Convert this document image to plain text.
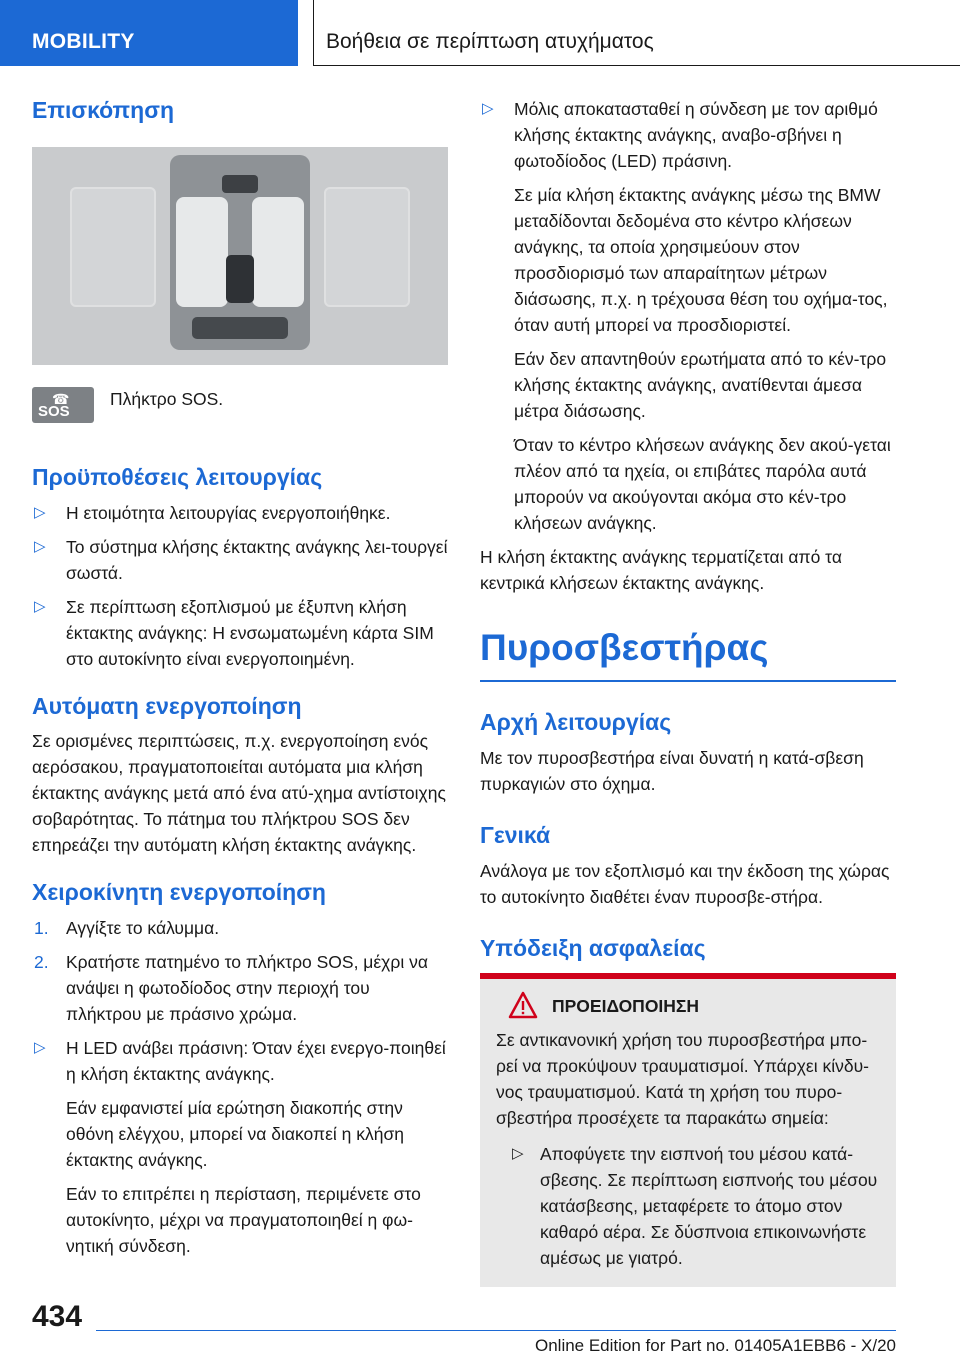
MOBILITY	Βοήθεια σε περίπτωση ατυχήματος
Επισκόπηση
☎
SOS
Πλήκτρο SOS.
Προϋποθέσεις λειτουργίας
▷ Η ετοιμότητα λειτουργίας ενεργοποιήθηκε.
▷ Το σύστημα κλήσης έκτακτης ανάγκης λει‐τουργεί σωστά.
▷ Σε περίπτωση εξοπλισμού με έξυπνη κλήση έκτακτης ανάγκης: Η ενσωματωμένη κάρτα SIM στο αυτοκίνητο είναι ενεργοποιημένη.
Αυτόματη ενεργοποίηση
Σε ορισμένες περιπτώσεις, π.χ. ενεργοποίηση ενός αερόσακου, πραγματοποιείται αυτόματα μια κλήση έκτακτης ανάγκης μετά από ένα ατύ‐χημα αντίστοιχης σοβαρότητας. Το πάτημα του πλήκτρου SOS δεν επηρεάζει την αυτόματη κλήση έκτακτης ανάγκης.
Χειροκίνητη ενεργοποίηση
1. Αγγίξτε το κάλυμμα.
2. Κρατήστε πατημένο το πλήκτρο SOS, μέχρι να ανάψει η φωτοδίοδος στην περιοχή του πλήκτρου με πράσινο χρώμα.
▷ Η LED ανάβει πράσινη: Όταν έχει ενεργο‐ποιηθεί η κλήση έκτακτης ανάγκης.
Εάν εμφανιστεί μία ερώτηση διακοπής στην οθόνη ελέγχου, μπορεί να διακοπεί η κλήση έκτακτης ανάγκης.
Εάν το επιτρέπει η περίσταση, περιμένετε στο αυτοκίνητο, μέχρι να πραγματοποιηθεί η φω‐νητική σύνδεση.
▷ Μόλις αποκατασταθεί η σύνδεση με τον αριθμό κλήσης έκτακτης ανάγκης, αναβο‐σβήνει η φωτοδίοδος (LED) πράσινη.
Σε μία κλήση έκτακτης ανάγκης μέσω της BMW μεταδίδονται δεδομένα στο κέντρο κλήσεων ανάγκης, τα οποία χρησιμεύουν στον προσδιορισμό των απαραίτητων μέτρων διάσωσης, π.χ. η τρέχουσα θέση του οχήμα‐τος, όταν αυτή μπορεί να προσδιοριστεί.
Εάν δεν απαντηθούν ερωτήματα από το κέν‐τρο κλήσης έκτακτης ανάγκης, ανατίθενται άμεσα μέτρα διάσωσης.
Όταν το κέντρο κλήσεων ανάγκης δεν ακού‐γεται πλέον από τα ηχεία, οι επιβάτες παρόλα αυτά μπορούν να ακούγονται ακόμα στο κέν‐τρο κλήσεων ανάγκης.
Η κλήση έκτακτης ανάγκης τερματίζεται από τα κεντρικά κλήσεων έκτακτης ανάγκης.
Πυροσβεστήρας
Αρχή λειτουργίας
Με τον πυροσβεστήρα είναι δυνατή η κατά‐σβεση πυρκαγιών στο όχημα.
Γενικά
Ανάλογα με τον εξοπλισμό και την έκδοση της χώρας το αυτοκίνητο διαθέτει έναν πυροσβε‐στήρα.
Υπόδειξη ασφαλείας
ΠΡΟΕΙΔΟΠΟΙΗΣΗ
Σε αντικανονική χρήση του πυροσβεστήρα μπο‐ρεί να προκύψουν τραυματισμοί. Υπάρχει κίνδυ‐νος τραυματισμού. Κατά τη χρήση του πυρο‐σβεστήρα προσέχετε τα παρακάτω σημεία:
▷ Αποφύγετε την εισπνοή του μέσου κατά‐σβεσης. Σε περίπτωση εισπνοής του μέσου κατάσβεσης, μεταφέρετε το άτομο στον καθαρό αέρα. Σε δύσπνοια επικοινωνήστε αμέσως με γιατρό.
434
Online Edition for Part no. 01405A1EBB6 - X/20
